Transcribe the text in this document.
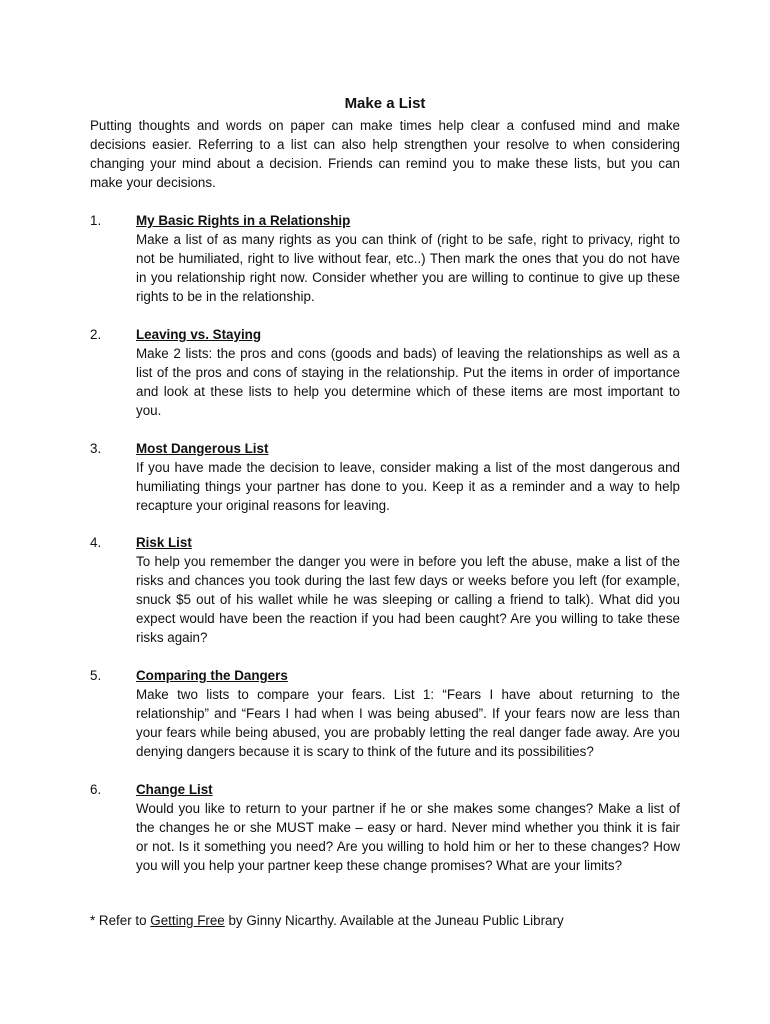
Make a List

Putting thoughts and words on paper can make times help clear a confused mind and make decisions easier. Referring to a list can also help strengthen your resolve to when considering changing your mind about a decision. Friends can remind you to make these lists, but you can make your decisions.

1.	My Basic Rights in a Relationship

Make a list of as many rights as you can think of (right to be safe, right to privacy, right to not be humiliated, right to live without fear, etc..) Then mark the ones that you do not have in you relationship right now. Consider whether you are willing to continue to give up these rights to be in the relationship.

2.	Leaving vs. Staying

Make 2 lists: the pros and cons (goods and bads) of leaving the relationships as well as a list of the pros and cons of staying in the relationship. Put the items in order of importance and look at these lists to help you determine which of these items are most important to you.

3.	Most Dangerous List

If you have made the decision to leave, consider making a list of the most dangerous and humiliating things your partner has done to you. Keep it as a reminder and a way to help recapture your original reasons for leaving.

4.	Risk List

To help you remember the danger you were in before you left the abuse, make a list of the risks and chances you took during the last few days or weeks before you left (for example, snuck $5 out of his wallet while he was sleeping or calling a friend to talk). What did you expect would have been the reaction if you had been caught? Are you willing to take these risks again?

5.	Comparing the Dangers

Make two lists to compare your fears. List 1: “Fears I have about returning to the relationship” and “Fears I had when I was being abused”. If your fears now are less than your fears while being abused, you are probably letting the real danger fade away. Are you denying dangers because it is scary to think of the future and its possibilities?

6.	Change List

Would you like to return to your partner if he or she makes some changes? Make a list of the changes he or she MUST make – easy or hard. Never mind whether you think it is fair or not. Is it something you need? Are you willing to hold him or her to these changes? How you will you help your partner keep these change promises? What are your limits?

* Refer to Getting Free by Ginny Nicarthy. Available at the Juneau Public Library
